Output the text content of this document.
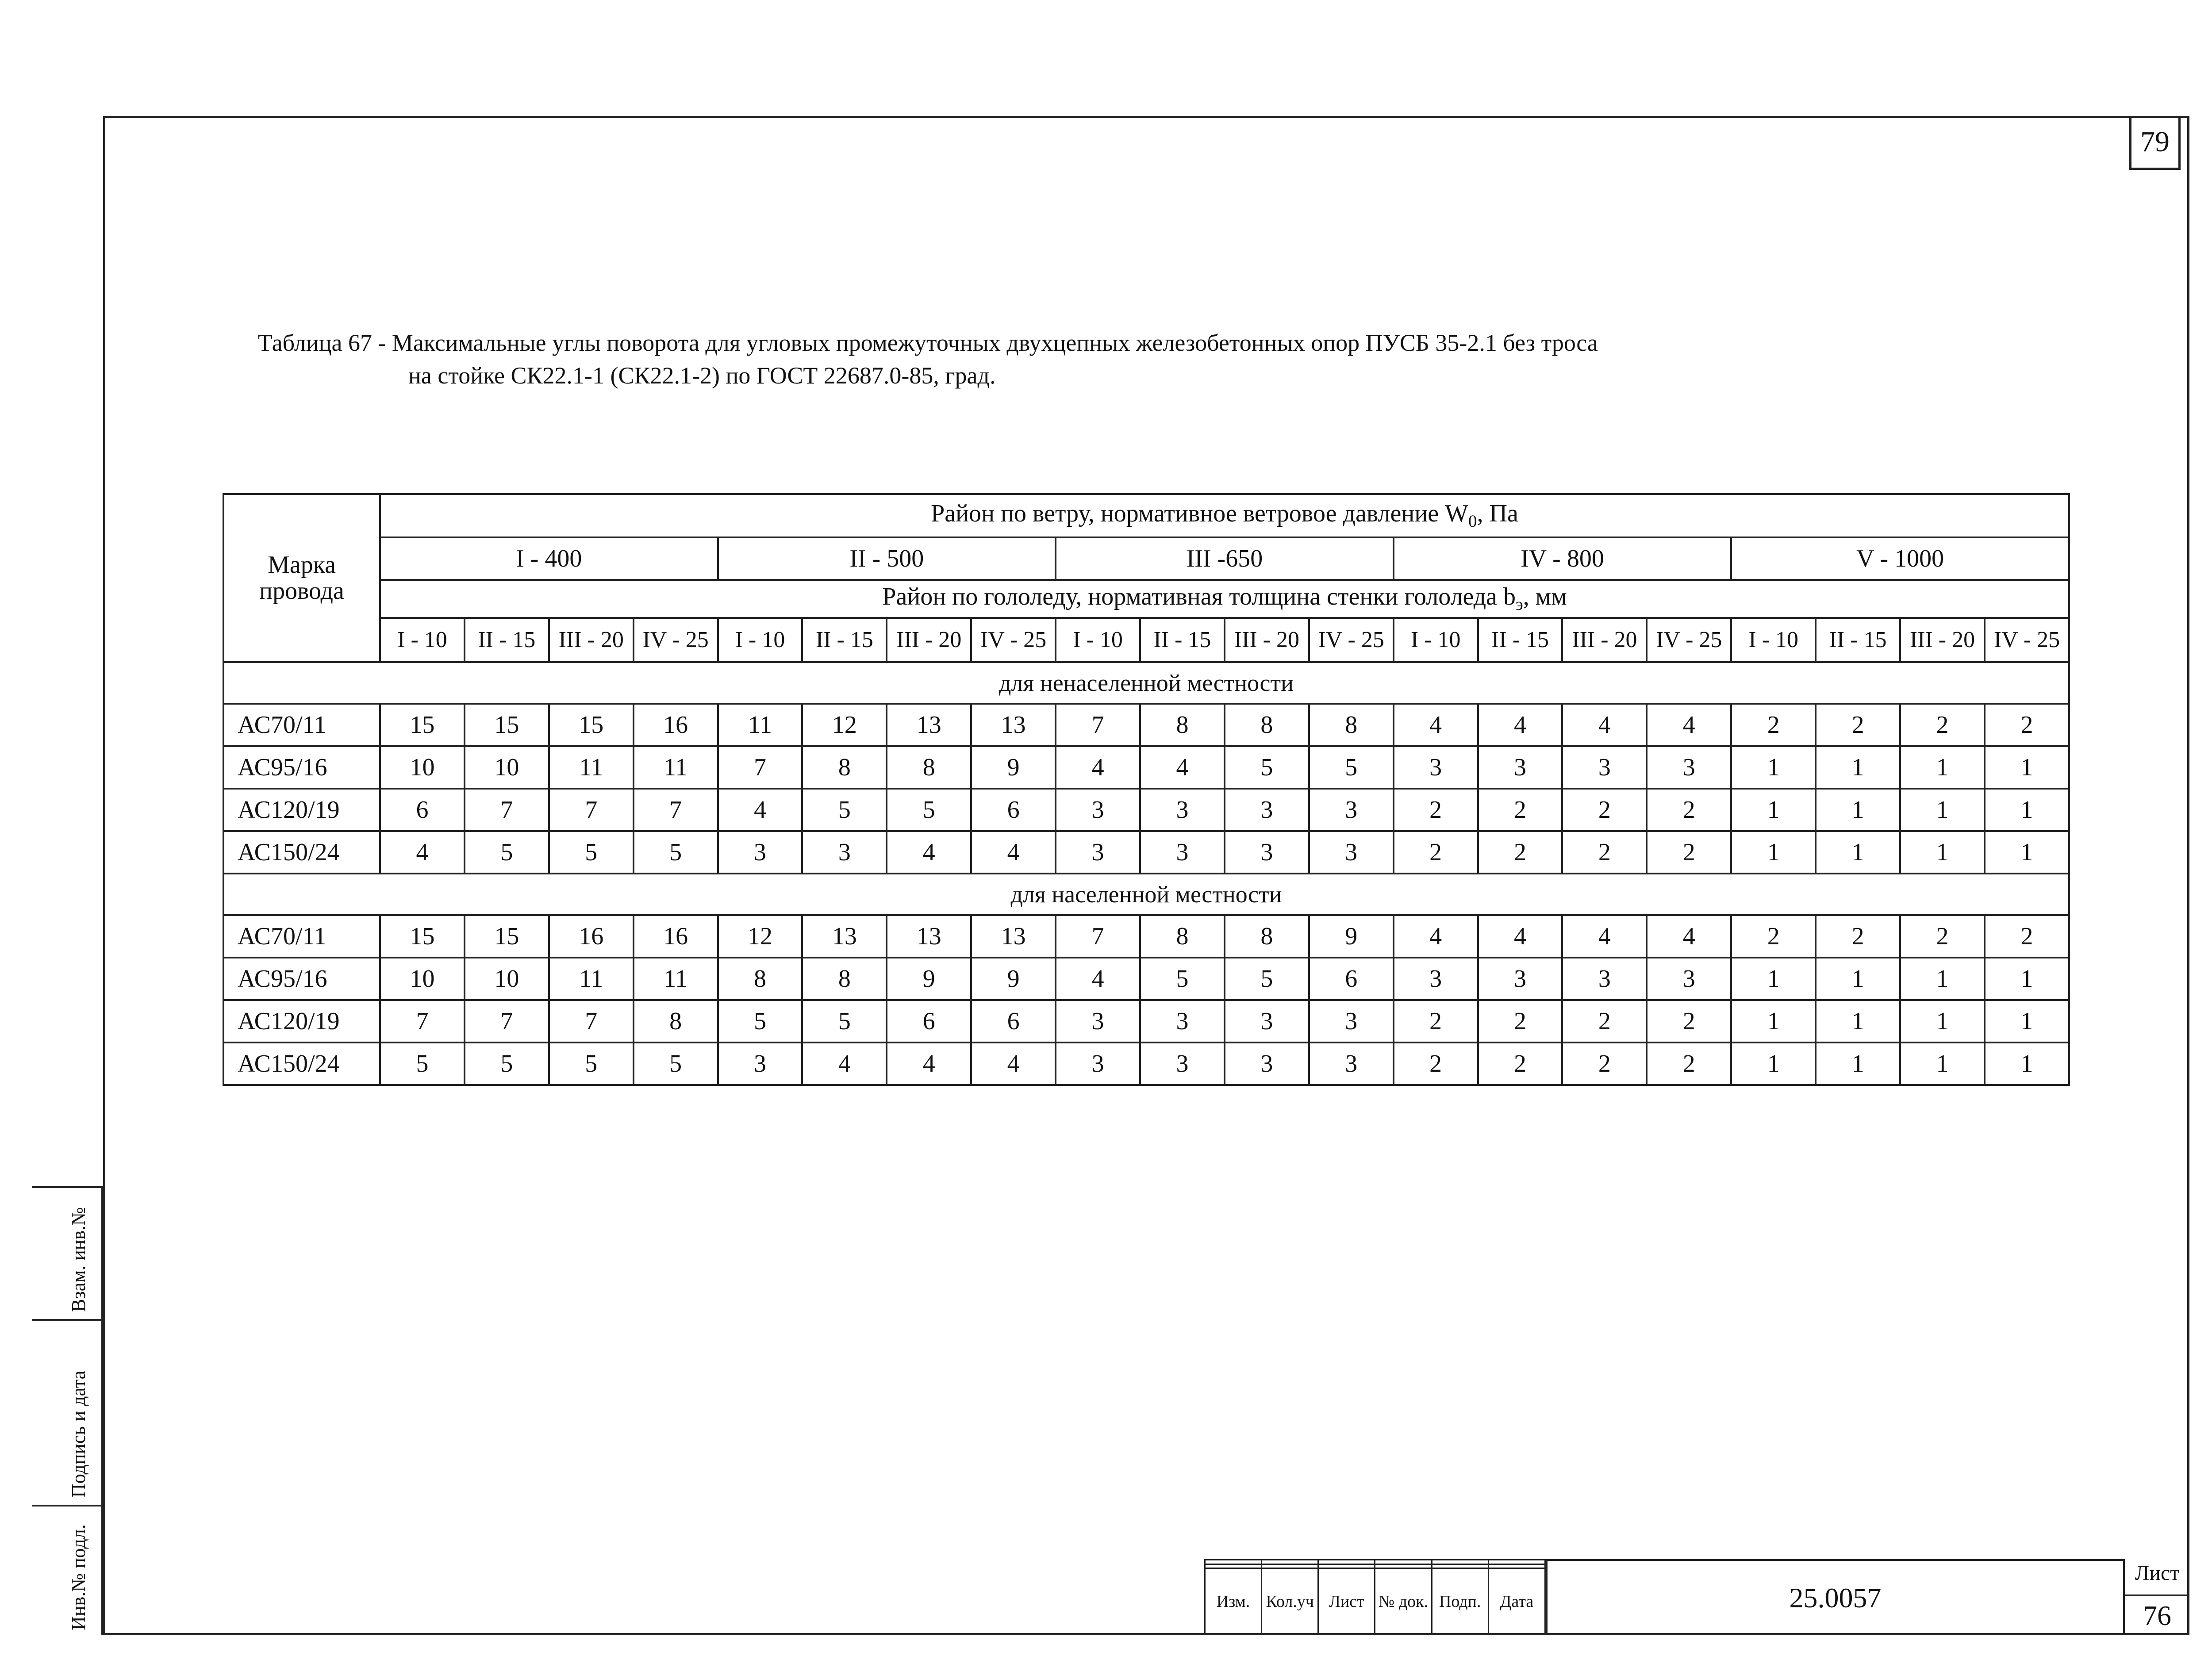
79
Таблица 67 - Максимальные углы поворота для угловых промежуточных двухцепных железобетонных опор ПУСБ 35-2.1 без троса
на стойке СК22.1-1 (СК22.1-2) по ГОСТ 22687.0-85, град.
Марка провода	Район по ветру, нормативное ветровое давление $W_0$, Па																			
	I - 400				II - 500				III -650				IV - 800				V - 1000			
	Район по гололеду, нормативная толщина стенки гололеда $b_э$, мм																			
	I - 10	II - 15	III - 20	IV - 25	I - 10	II - 15	III - 20	IV - 25	I - 10	II - 15	III - 20	IV - 25	I - 10	II - 15	III - 20	IV - 25	I - 10	II - 15	III - 20	IV - 25
для ненаселенной местности																				
АС70/11	15	15	15	16	11	12	13	13	7	8	8	8	4	4	4	4	2	2	2	2
АС95/16	10	10	11	11	7	8	8	9	4	4	5	5	3	3	3	3	1	1	1	1
АС120/19	6	7	7	7	4	5	5	6	3	3	3	3	2	2	2	2	1	1	1	1
АС150/24	4	5	5	5	3	3	4	4	3	3	3	3	2	2	2	2	1	1	1	1
для населенной местности																				
АС70/11	15	15	16	16	12	13	13	13	7	8	8	9	4	4	4	4	2	2	2	2
АС95/16	10	10	11	11	8	8	9	9	4	5	5	6	3	3	3	3	1	1	1	1
АС120/19	7	7	7	8	5	5	6	6	3	3	3	3	2	2	2	2	1	1	1	1
АС150/24	5	5	5	5	3	4	4	4	3	3	3	3	2	2	2	2	1	1	1	1
Взам. инв.№
Подпись и дата
Инв.№ подл.

						Изм.	Кол.уч	Лист	№ док.	Подп.	Дата	25.0057
Лист
76
